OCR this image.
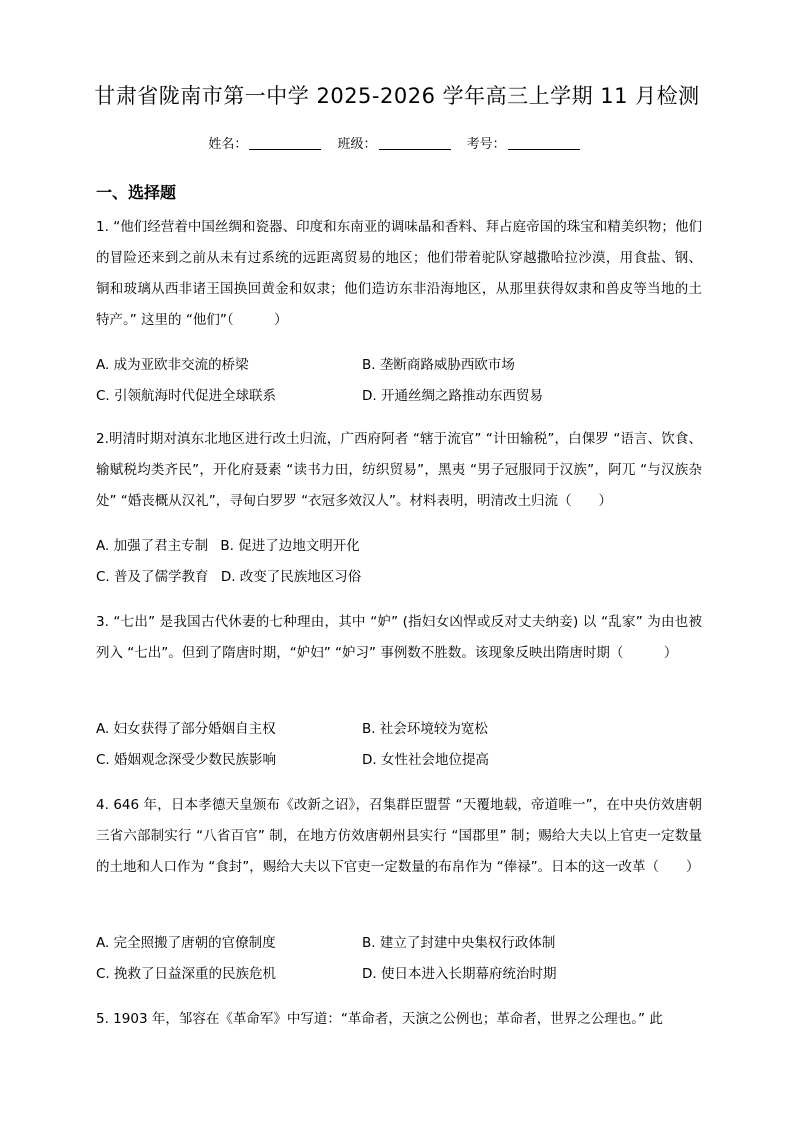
甘肃省陇南市第一中学 2025-2026 学年高三上学期 11 月检测
姓名：	班级：	考号：
一、选择题
1. “他们经营着中国丝绸和瓷器、印度和东南亚的调味晶和香料、拜占庭帝国的珠宝和精美织物；他们的冒险还来到之前从未有过系统的远距离贸易的地区；他们带着驼队穿越撒哈拉沙漠，用食盐、钢、铜和玻璃从西非诸王国换回黄金和奴隶；他们造访东非沿海地区，从那里获得奴隶和兽皮等当地的土特产。” 这里的 “他们”（　　　）
A. 成为亚欧非交流的桥梁	B. 垄断商路威胁西欧市场
C. 引领航海时代促进全球联系	D. 开通丝绸之路推动东西贸易
2.明清时期对滇东北地区进行改土归流，广西府阿者 “辖于流官” “计田输税”，白倮罗 “语言、饮食、输赋税均类齐民”，开化府聂素 “读书力田，纺织贸易”，黑夷 “男子冠服同于汉族”，阿兀 “与汉族杂处” “婚丧概从汉礼”，寻甸白罗罗 “衣冠多效汉人”。材料表明，明清改土归流（　　）
A. 加强了君主专制 B. 促进了边地文明开化
C. 普及了儒学教育 D. 改变了民族地区习俗
3. “七出” 是我国古代休妻的七种理由，其中 “妒” (指妇女凶悍或反对丈夫纳妾) 以 “乱家” 为由也被列入 “七出”。但到了隋唐时期，“妒妇” “妒习” 事例数不胜数。该现象反映出隋唐时期（　　　）
A. 妇女获得了部分婚姻自主权	B. 社会环境较为宽松
C. 婚姻观念深受少数民族影响	D. 女性社会地位提高
4. 646 年，日本孝德天皇颁布《改新之诏》，召集群臣盟誓 “天覆地载，帝道唯一”，在中央仿效唐朝三省六部制实行 “八省百官” 制，在地方仿效唐朝州县实行 “国郡里” 制；赐给大夫以上官吏一定数量的土地和人口作为 “食封”，赐给大夫以下官吏一定数量的布帛作为 “俸禄”。日本的这一改革（　　）
A. 完全照搬了唐朝的官僚制度	B. 建立了封建中央集权行政体制
C. 挽救了日益深重的民族危机	D. 使日本进入长期幕府统治时期
5. 1903 年，邹容在《革命军》中写道：“革命者，天演之公例也；革命者，世界之公理也。” 此
